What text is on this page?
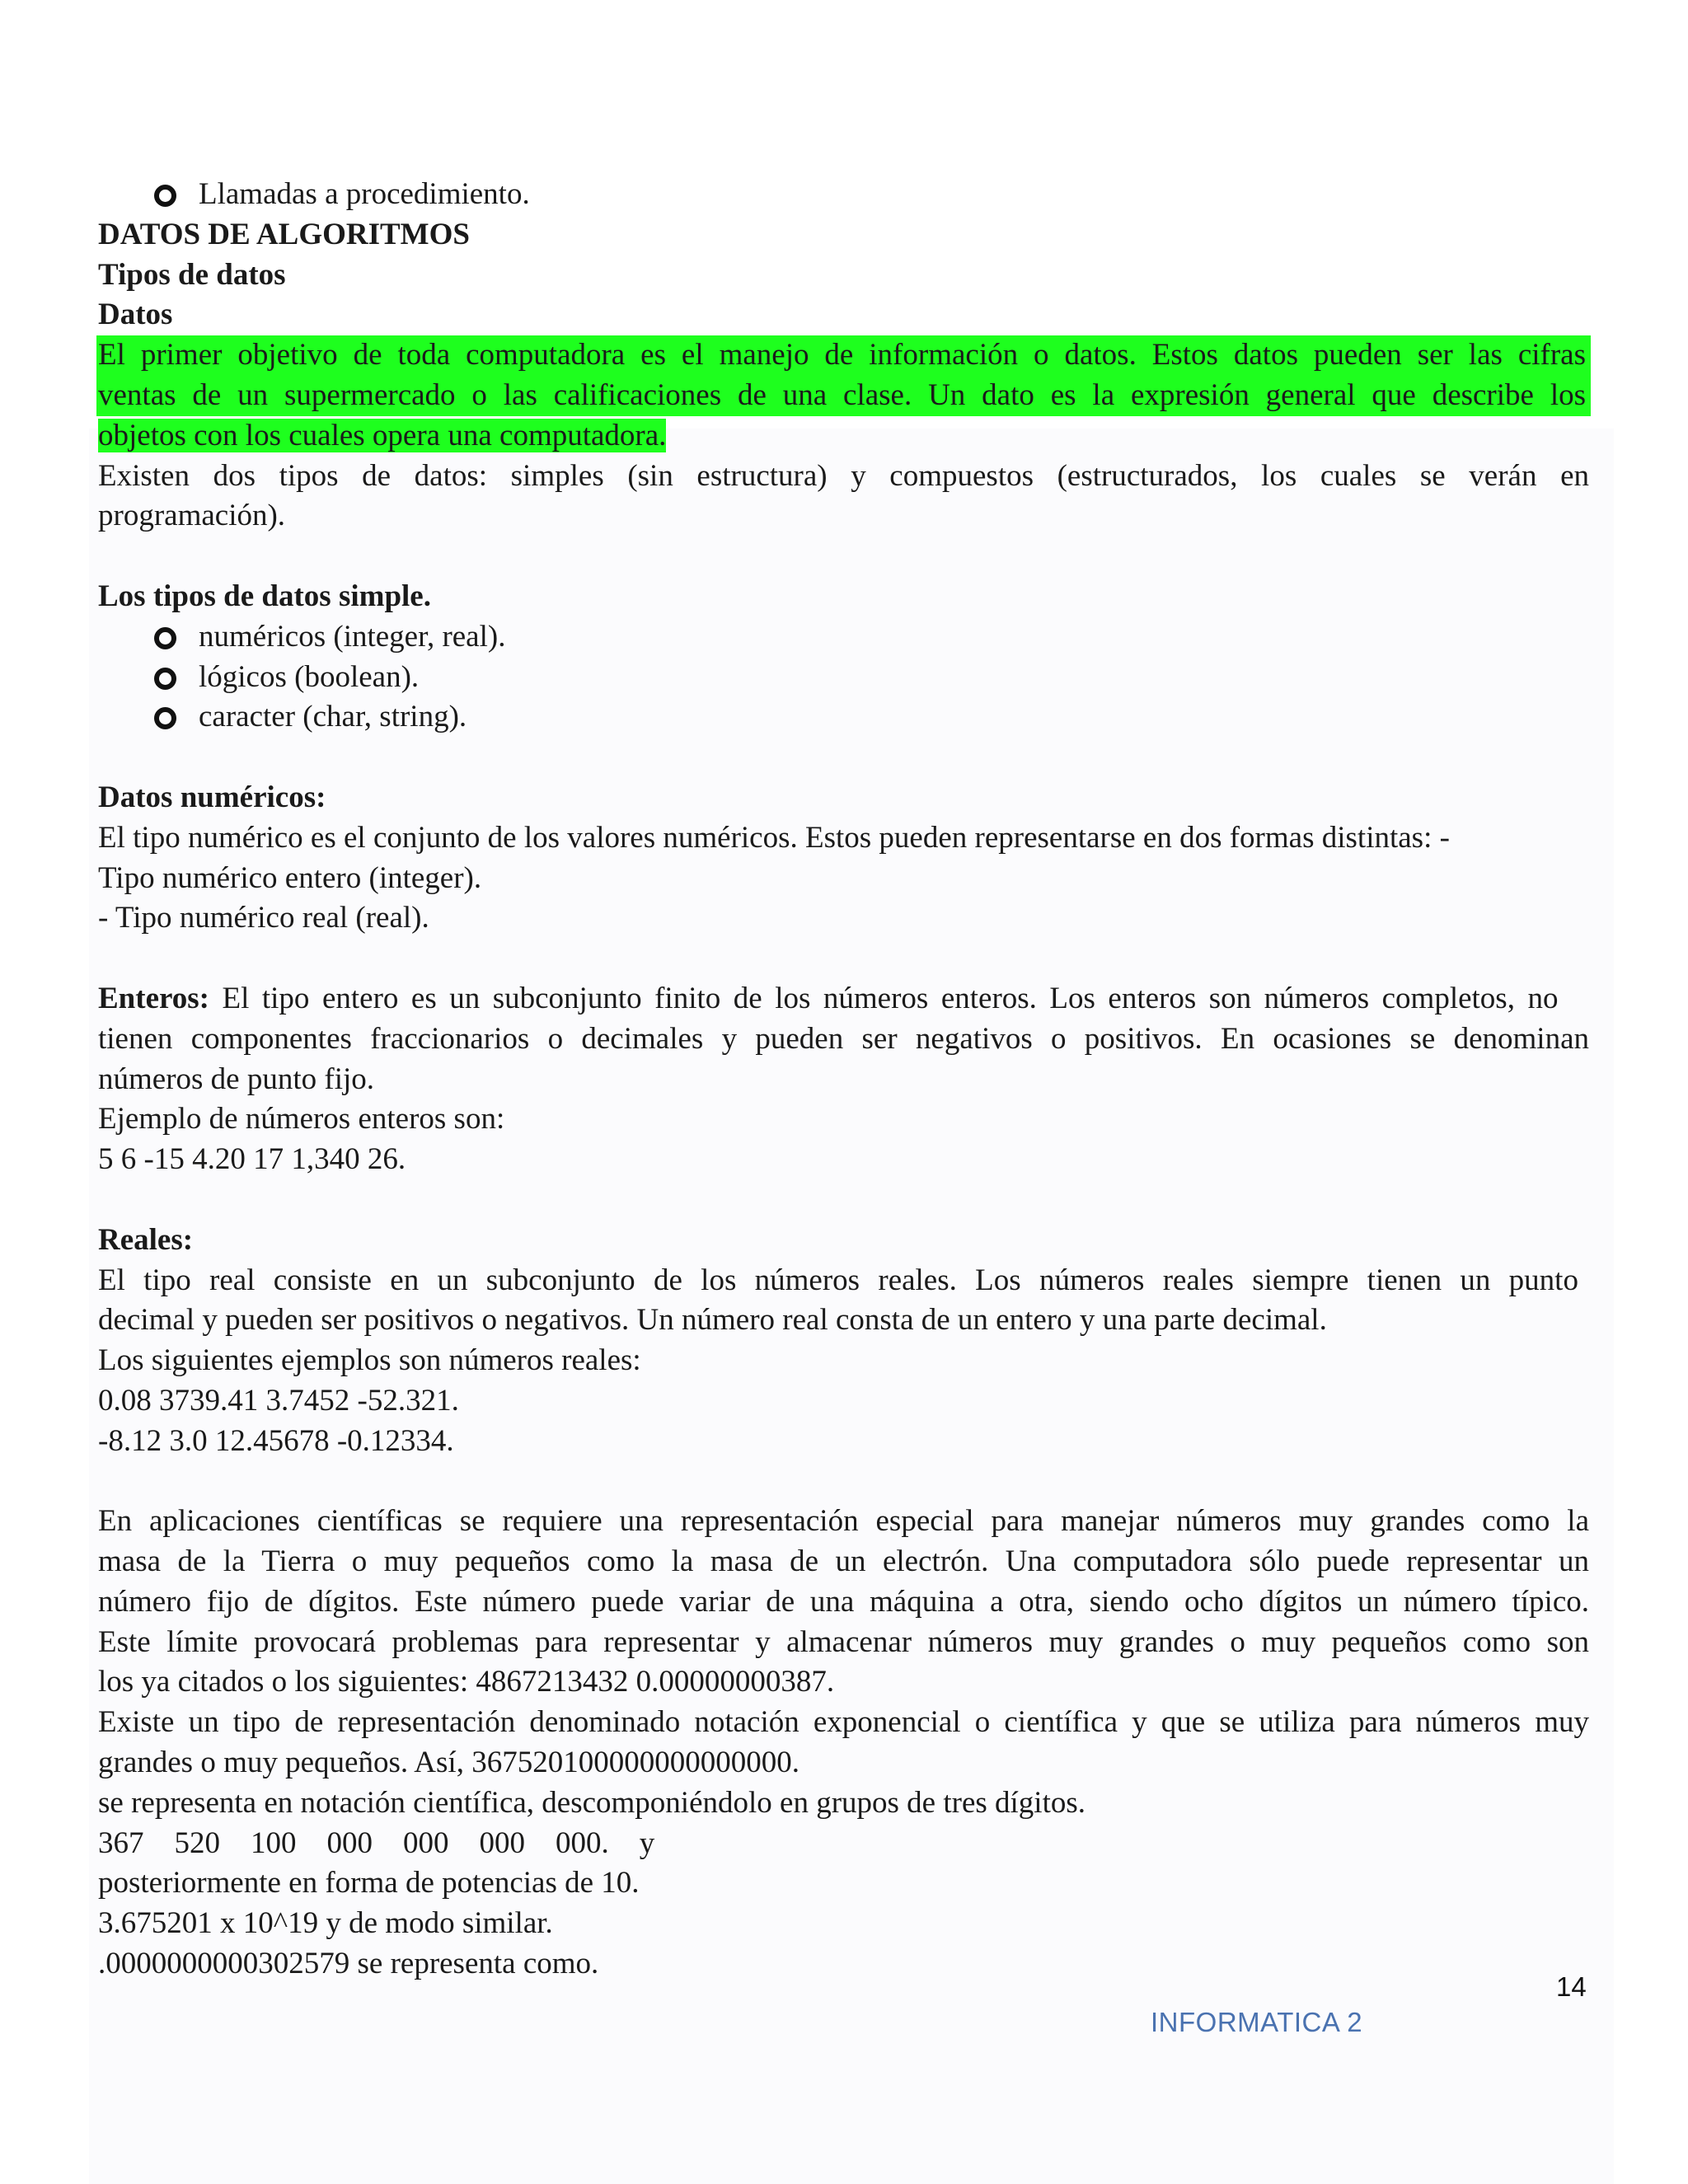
Llamadas a procedimiento.
DATOS DE ALGORITMOS
Tipos de datos
Datos
El primer objetivo de toda computadora es el manejo de información o datos. Estos datos pueden ser las cifras
ventas de un supermercado o las calificaciones de una clase. Un dato es la expresión general que describe los
objetos con los cuales opera una computadora.
Existen dos tipos de datos: simples (sin estructura) y compuestos (estructurados, los cuales se verán en
programación).
Los tipos de datos simple.
numéricos (integer, real).
lógicos (boolean).
caracter (char, string).
Datos numéricos:
El tipo numérico es el conjunto de los valores numéricos. Estos pueden representarse en dos formas distintas: -
Tipo numérico entero (integer).
- Tipo numérico real (real).
Enteros: El tipo entero es un subconjunto finito de los números enteros. Los enteros son números completos, no
tienen componentes fraccionarios o decimales y pueden ser negativos o positivos. En ocasiones se denominan
números de punto fijo.
Ejemplo de números enteros son:
5 6 -15 4.20 17 1,340 26.
Reales:
El tipo real consiste en un subconjunto de los números reales. Los números reales siempre tienen un punto
decimal y pueden ser positivos o negativos. Un número real consta de un entero y una parte decimal.
Los siguientes ejemplos son números reales:
0.08 3739.41 3.7452 -52.321.
-8.12 3.0 12.45678 -0.12334.
En aplicaciones científicas se requiere una representación especial para manejar números muy grandes como la
masa de la Tierra o muy pequeños como la masa de un electrón. Una computadora sólo puede representar un
número fijo de dígitos. Este número puede variar de una máquina a otra, siendo ocho dígitos un número típico.
Este límite provocará problemas para representar y almacenar números muy grandes o muy pequeños como son
los ya citados o los siguientes: 4867213432 0.00000000387.
Existe un tipo de representación denominado notación exponencial o científica y que se utiliza para números muy
grandes o muy pequeños. Así, 367520100000000000000.
se representa en notación científica, descomponiéndolo en grupos de tres dígitos.
367    520    100    000    000    000    000.    y
posteriormente en forma de potencias de 10.
3.675201 x 10^19 y de modo similar.
.0000000000302579 se representa como.
14
INFORMATICA 2
